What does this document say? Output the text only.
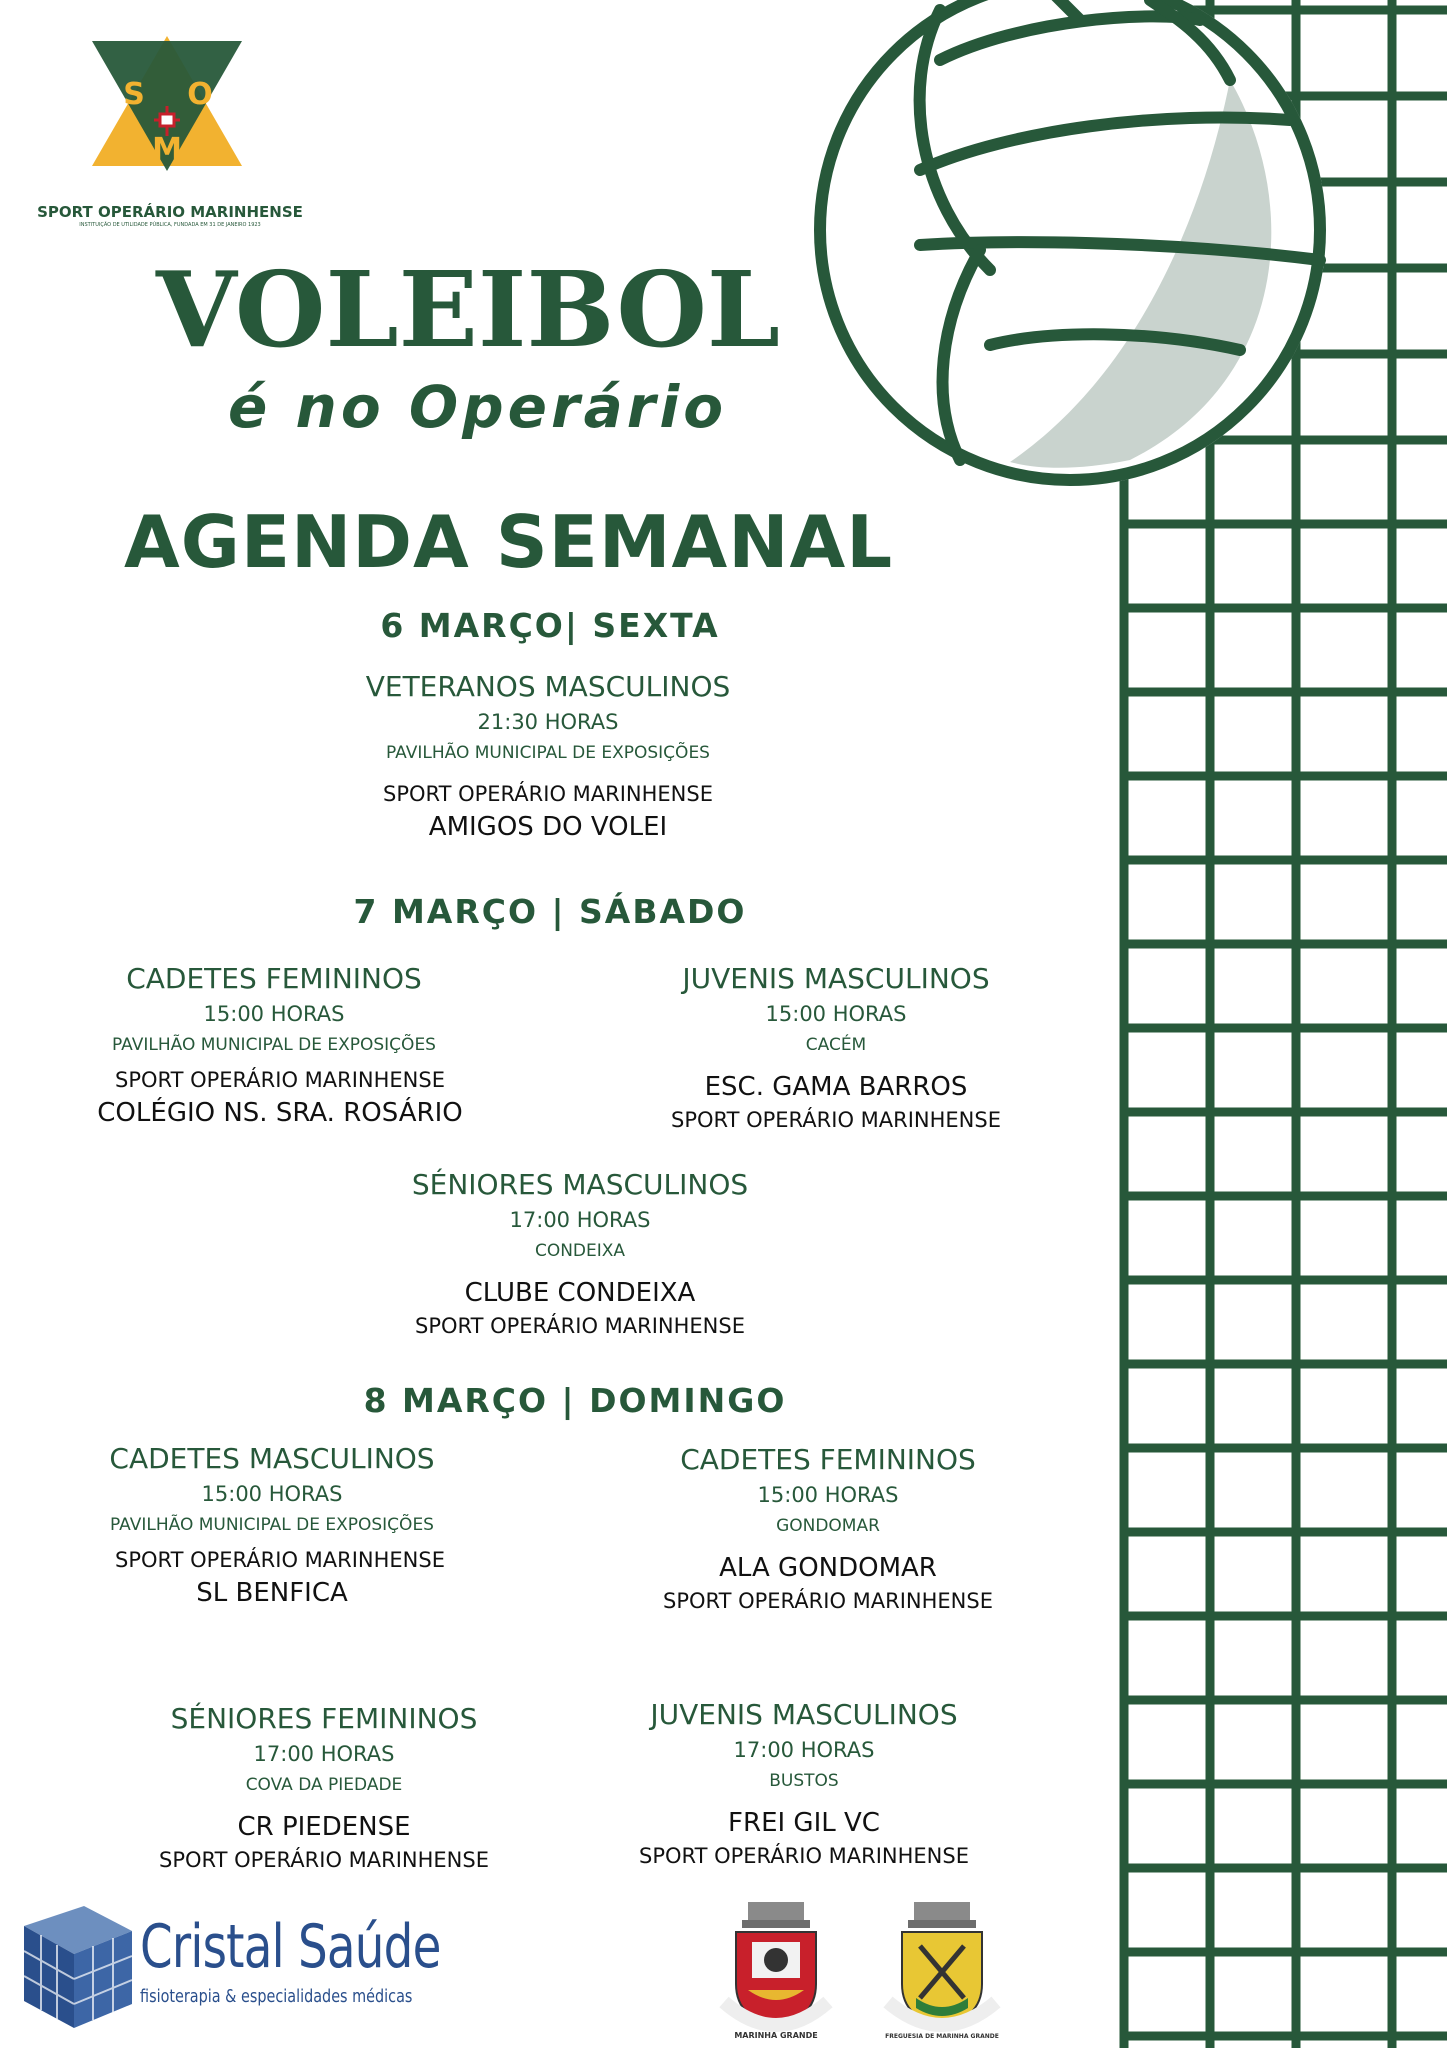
S O
M
SPORT OPERÁRIO MARINHENSE
INSTITUIÇÃO DE UTILIDADE PÚBLICA, FUNDADA EM 31 DE JANEIRO 1923
VOLEIBOL
é no Operário
AGENDA SEMANAL
6 MARÇO| SEXTA
7 MARÇO | SÁBADO
8 MARÇO | DOMINGO
VETERANOS MASCULINOS
21:30 HORAS
PAVILHÃO MUNICIPAL DE EXPOSIÇÕES
SPORT OPERÁRIO MARINHENSE
AMIGOS DO VOLEI
CADETES FEMININOS
15:00 HORAS
PAVILHÃO MUNICIPAL DE EXPOSIÇÕES
SPORT OPERÁRIO MARINHENSE
COLÉGIO NS. SRA. ROSÁRIO
JUVENIS MASCULINOS
15:00 HORAS
CACÉM
ESC. GAMA BARROS
SPORT OPERÁRIO MARINHENSE
SÉNIORES MASCULINOS
17:00 HORAS
CONDEIXA
CLUBE CONDEIXA
SPORT OPERÁRIO MARINHENSE
CADETES MASCULINOS
15:00 HORAS
PAVILHÃO MUNICIPAL DE EXPOSIÇÕES
SPORT OPERÁRIO MARINHENSE
SL BENFICA
CADETES FEMININOS
15:00 HORAS
GONDOMAR
ALA GONDOMAR
SPORT OPERÁRIO MARINHENSE
SÉNIORES FEMININOS
17:00 HORAS
COVA DA PIEDADE
CR PIEDENSE
SPORT OPERÁRIO MARINHENSE
JUVENIS MASCULINOS
17:00 HORAS
BUSTOS
FREI GIL VC
SPORT OPERÁRIO MARINHENSE
Cristal Saúde
fisioterapia & especialidades médicas
MARINHA GRANDE	FREGUESIA DE MARINHA GRANDE
